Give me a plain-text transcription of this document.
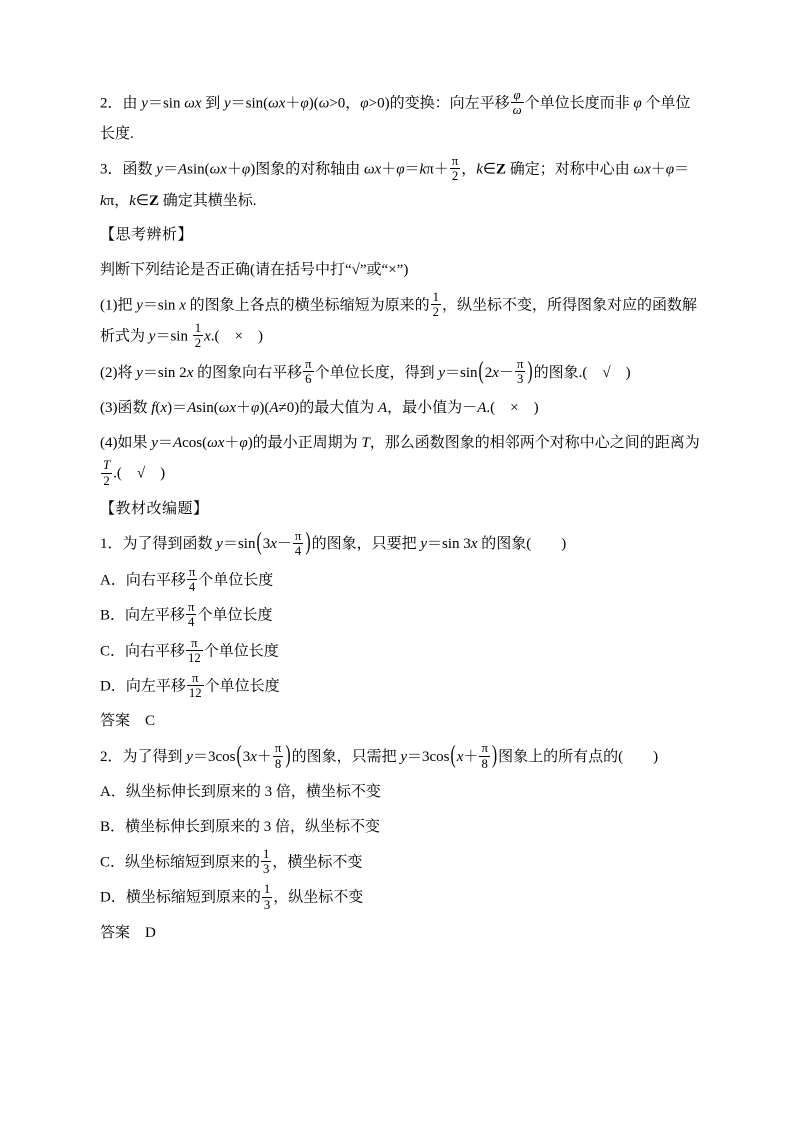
2．由 y＝sin ωx 到 y＝sin(ωx＋φ)(ω>0，φ>0)的变换：向左平移 $\frac{\varphi}{\omega}$ 个单位长度而非 φ 个单位长度.

3．函数 y＝Asin(ωx＋φ)图象的对称轴由 $\omega x+\varphi=k\pi+ \frac{\pi}{2}$ ，k∈Z 确定；对称中心由 ωx＋φ＝kπ，k∈Z 确定其横坐标.

【思考辨析】

判断下列结论是否正确(请在括号中打“√”或“×”)

(1)把 y＝sin x 的图象上各点的横坐标缩短为原来的 $\frac{1}{2}$ ，纵坐标不变，所得图象对应的函数解析式为 $y=\sin \frac{1}{2} x$.( × )

(2)将 y＝sin 2x 的图象向右平移 $\frac{\pi}{6}$ 个单位长度，得到 $y=\sin(2x- \frac{\pi}{3}$ )的图象.( √ )

(3)函数 f(x)＝Asin(ωx＋φ)(A≠0)的最大值为 A，最小值为－A.( × )

(4)如果 y＝Acos(ωx＋φ)的最小正周期为 T，那么函数图象的相邻两个对称中心之间的距离为
$\frac{T}{2}$ .( √ )

【教材改编题】

1．为了得到函数 $y=\sin(3x- \frac{\pi}{4}$ )的图象，只要把 y＝sin 3x 的图象(  )

A．向右平移 $\frac{\pi}{4}$ 个单位长度

B．向左平移 $\frac{\pi}{4}$ 个单位长度

C．向右平移 $\frac{\pi}{12}$ 个单位长度

D．向左平移 $\frac{\pi}{12}$ 个单位长度

答案　C

2．为了得到 $y=3\cos(3x+ \frac{\pi}{8}$ )的图象，只需把 $y=3\cos(x+ \frac{\pi}{8}$ )图象上的所有点的(  )

A．纵坐标伸长到原来的 3 倍，横坐标不变

B．横坐标伸长到原来的 3 倍，纵坐标不变

C．纵坐标缩短到原来的 $\frac{1}{3}$ ，横坐标不变

D．横坐标缩短到原来的 $\frac{1}{3}$ ，纵坐标不变

答案　D
